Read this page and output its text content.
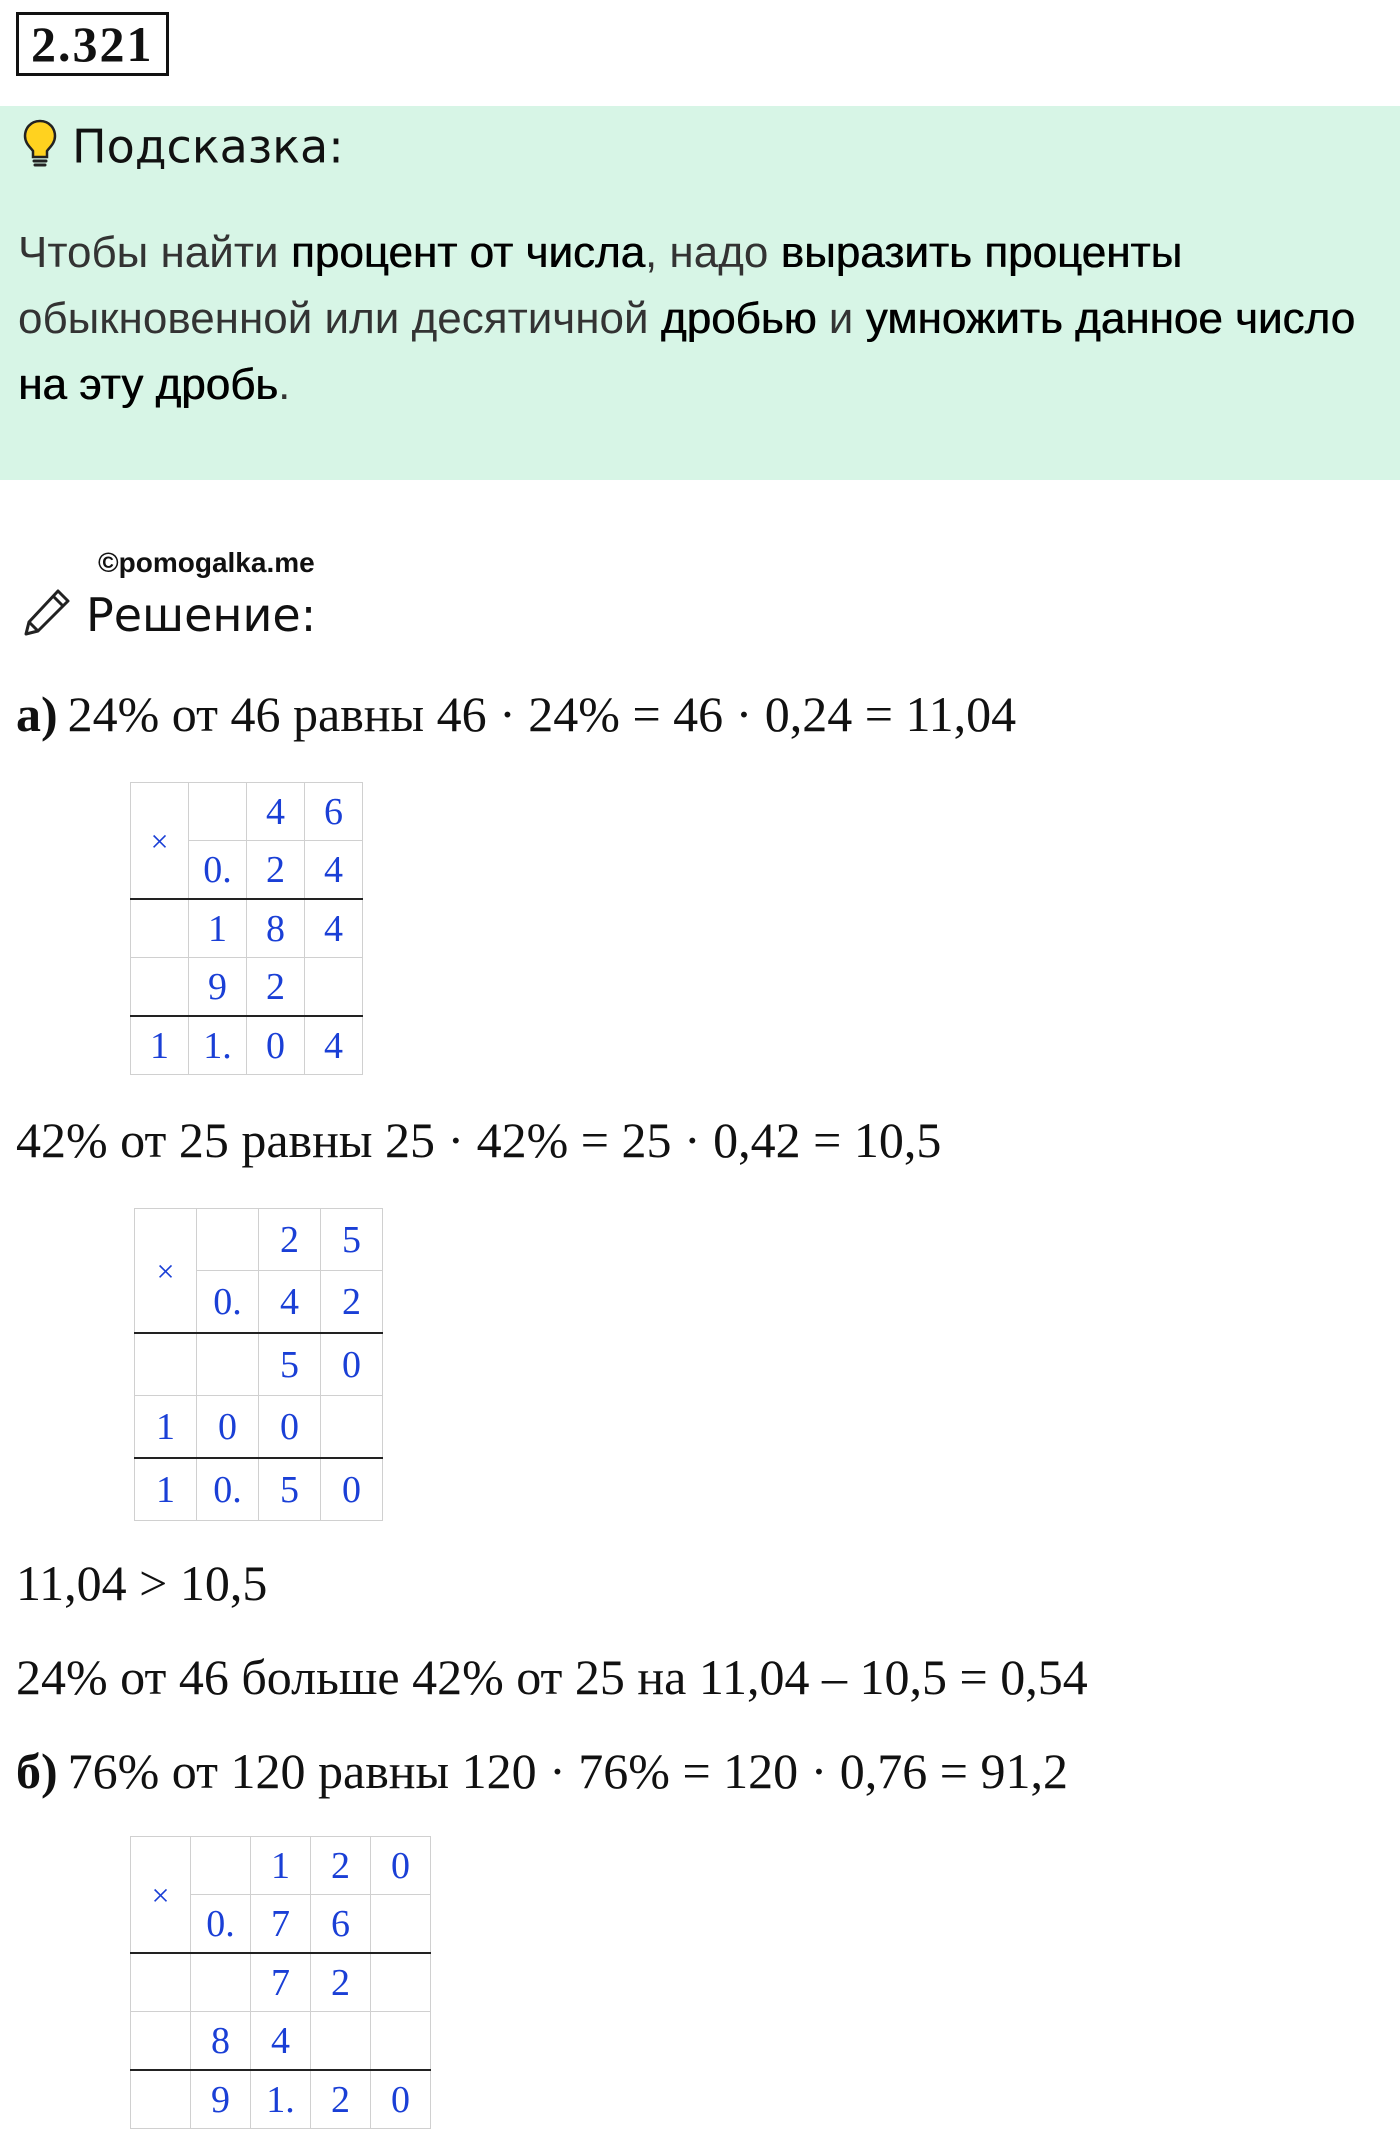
2.321
Подсказка:
Чтобы найти процент от числа, надо выразить проценты обыкновенной или десятичной дробью и умножить данное число на эту дробь.
©pomogalka.me
Решение:
а) 24% от 46 равны 46 · 24% = 46 · 0,24 = 11,04
×		4	6
	0.	2	4
	1	8	4
	9	2	
1	1.	0	4
42% от 25 равны 25 · 42% = 25 · 0,42 = 10,5
×		2	5
	0.	4	2
		5	0
1	0	0	
1	0.	5	0
11,04 > 10,5
24% от 46 больше 42% от 25 на 11,04 – 10,5 = 0,54
б) 76% от 120 равны 120 · 76% = 120 · 0,76 = 91,2
×		1	2	0
	0.	7	6	
		7	2	
	8	4		
	9	1.	2	0
